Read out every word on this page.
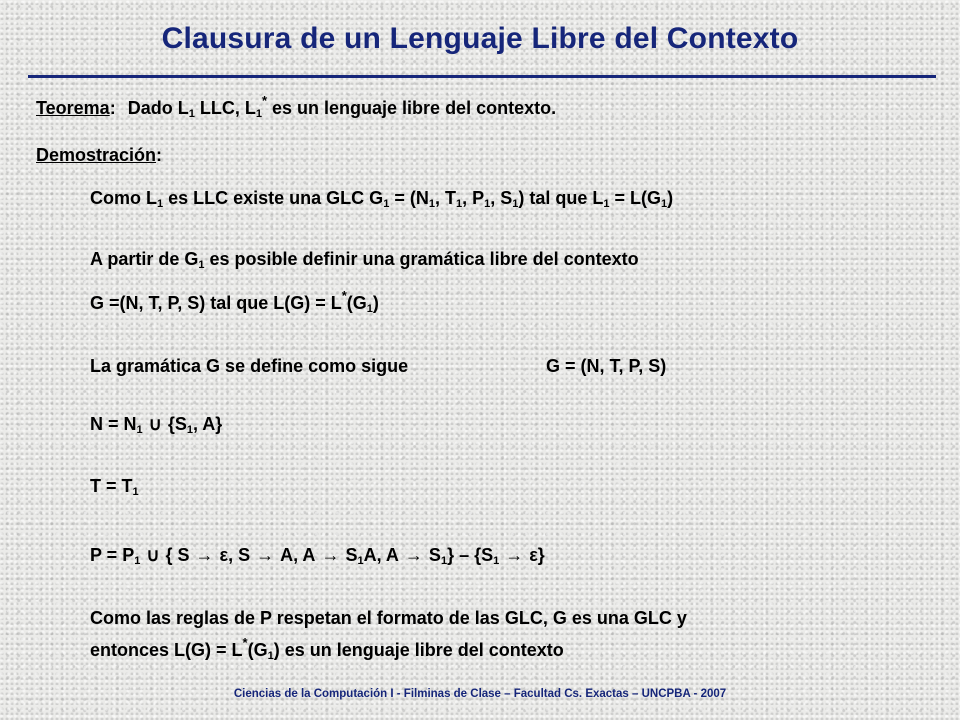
Clausura de un Lenguaje Libre del Contexto
Teorema: Dado $L_1$ LLC, $L_1^*$ es un lenguaje libre del contexto.
Demostración:
Como $L_1$ es LLC existe una GLC $G_1 = (N_1$, $T_1$, $P_1$, $S_1$) tal que $L_1 = L(G_1)$
A partir de $G_1$ es posible definir una gramática libre del contexto
G =(N, T, P, S) tal que $L(G) = L^*(G_1)$
La gramática G se define como sigue	G = (N, T, P, S)
$N = N_1$ ∪ {$S_1$, A}
$T = T_1$
$P = P_1$ ∪ { S → ε, S → A, $A \to S_1A$, $A \to S_1\} - \{S_1 \to \varepsilon\}$
Como las reglas de P respetan el formato de las GLC, G es una GLC y
entonces $L(G) = L^*(G_1)$ es un lenguaje libre del contexto
Ciencias de la Computación I - Filminas de Clase – Facultad Cs. Exactas – UNCPBA - 2007
